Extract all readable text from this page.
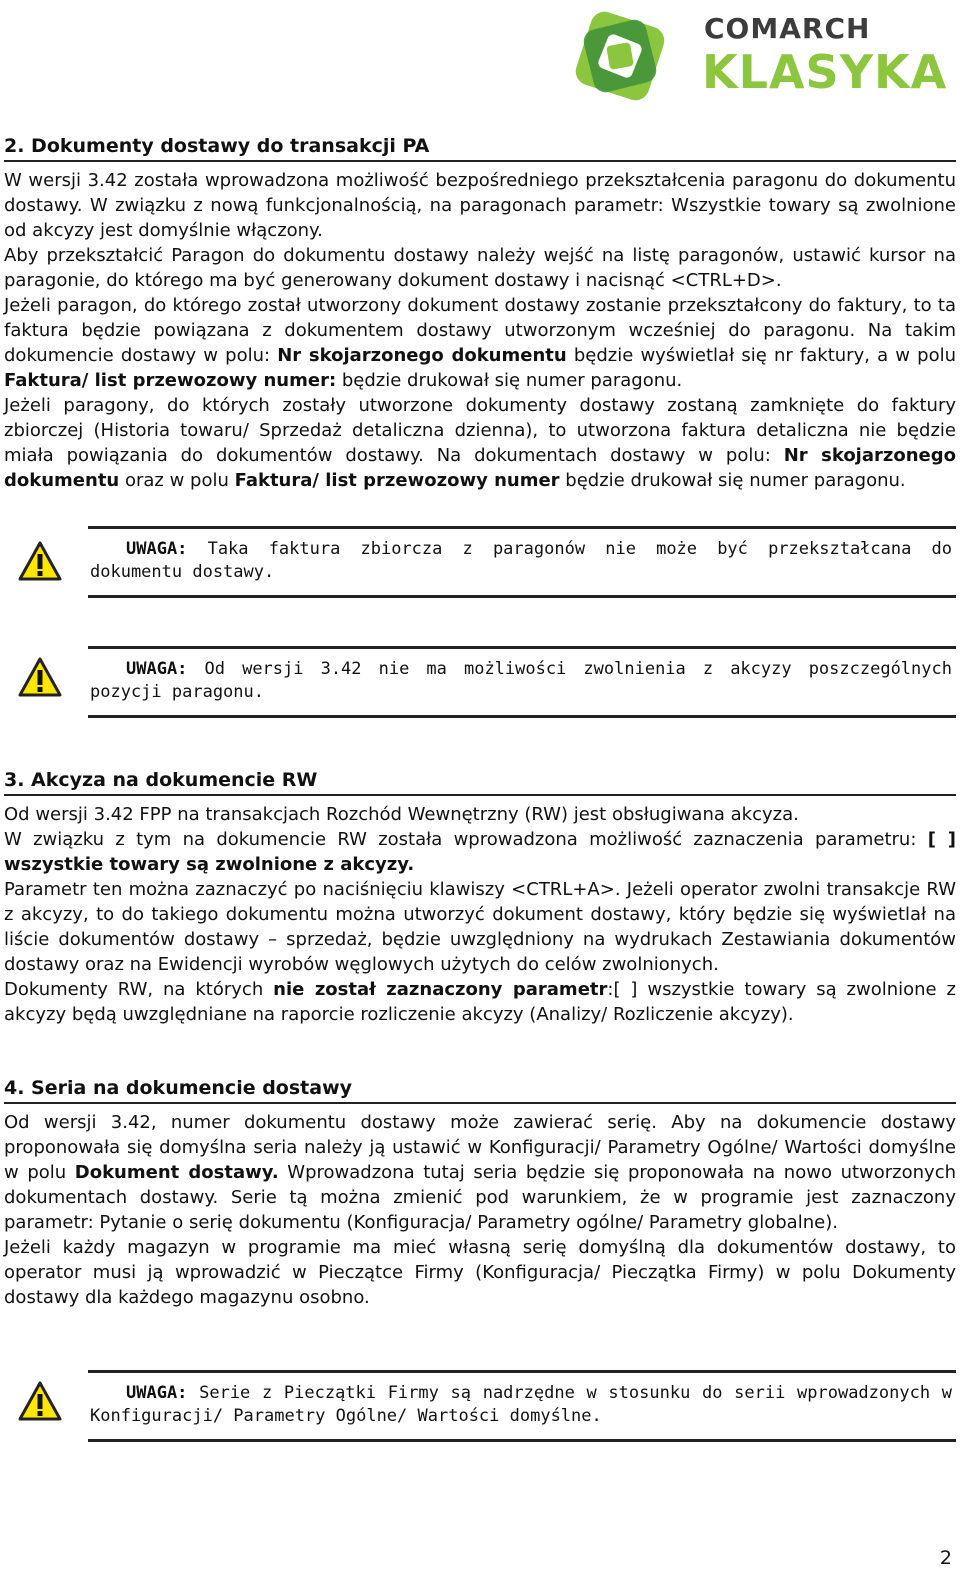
COMARCH
KLASYKA
2. Dokumenty dostawy do transakcji PA

W wersji 3.42 została wprowadzona możliwość bezpośredniego przekształcenia paragonu do dokumentu dostawy. W związku z nową funkcjonalnością, na paragonach parametr: Wszystkie towary są zwolnione od akcyzy jest domyślnie włączony.

Aby przekształcić Paragon do dokumentu dostawy należy wejść na listę paragonów, ustawić kursor na paragonie, do którego ma być generowany dokument dostawy i nacisnąć <CTRL+D>.

Jeżeli paragon, do którego został utworzony dokument dostawy zostanie przekształcony do faktury, to ta faktura będzie powiązana z dokumentem dostawy utworzonym wcześniej do paragonu. Na takim dokumencie dostawy w polu: Nr skojarzonego dokumentu będzie wyświetlał się nr faktury, a w polu Faktura/ list przewozowy numer: będzie drukował się numer paragonu.

Jeżeli paragony, do których zostały utworzone dokumenty dostawy zostaną zamknięte do faktury zbiorczej (Historia towaru/ Sprzedaż detaliczna dzienna), to utworzona faktura detaliczna nie będzie miała powiązania do dokumentów dostawy. Na dokumentach dostawy w polu: Nr skojarzonego dokumentu oraz w polu Faktura/ list przewozowy numer będzie drukował się numer paragonu.

UWAGA: Taka faktura zbiorcza z paragonów nie może być przekształcana do dokumentu dostawy.
UWAGA: Od wersji 3.42 nie ma możliwości zwolnienia z akcyzy poszczególnych pozycji paragonu.
3. Akcyza na dokumencie RW

Od wersji 3.42 FPP na transakcjach Rozchód Wewnętrzny (RW) jest obsługiwana akcyza.

W związku z tym na dokumencie RW została wprowadzona możliwość zaznaczenia parametru: [ ] wszystkie towary są zwolnione z akcyzy.

Parametr ten można zaznaczyć po naciśnięciu klawiszy <CTRL+A>. Jeżeli operator zwolni transakcje RW z akcyzy, to do takiego dokumentu można utworzyć dokument dostawy, który będzie się wyświetlał na liście dokumentów dostawy – sprzedaż, będzie uwzględniony na wydrukach Zestawiania dokumentów dostawy oraz na Ewidencji wyrobów węglowych użytych do celów zwolnionych.

Dokumenty RW, na których nie został zaznaczony parametr:[ ] wszystkie towary są zwolnione z akcyzy będą uwzględniane na raporcie rozliczenie akcyzy (Analizy/ Rozliczenie akcyzy).

4. Seria na dokumencie dostawy

Od wersji 3.42, numer dokumentu dostawy może zawierać serię. Aby na dokumencie dostawy proponowała się domyślna seria należy ją ustawić w Konfiguracji/ Parametry Ogólne/ Wartości domyślne w polu Dokument dostawy. Wprowadzona tutaj seria będzie się proponowała na nowo utworzonych dokumentach dostawy. Serie tą można zmienić pod warunkiem, że w programie jest zaznaczony parametr: Pytanie o serię dokumentu (Konfiguracja/ Parametry ogólne/ Parametry globalne).

Jeżeli każdy magazyn w programie ma mieć własną serię domyślną dla dokumentów dostawy, to operator musi ją wprowadzić w Pieczątce Firmy (Konfiguracja/ Pieczątka Firmy) w polu Dokumenty dostawy dla każdego magazynu osobno.

UWAGA: Serie z Pieczątki Firmy są nadrzędne w stosunku do serii wprowadzonych w Konfiguracji/ Parametry Ogólne/ Wartości domyślne.
2
